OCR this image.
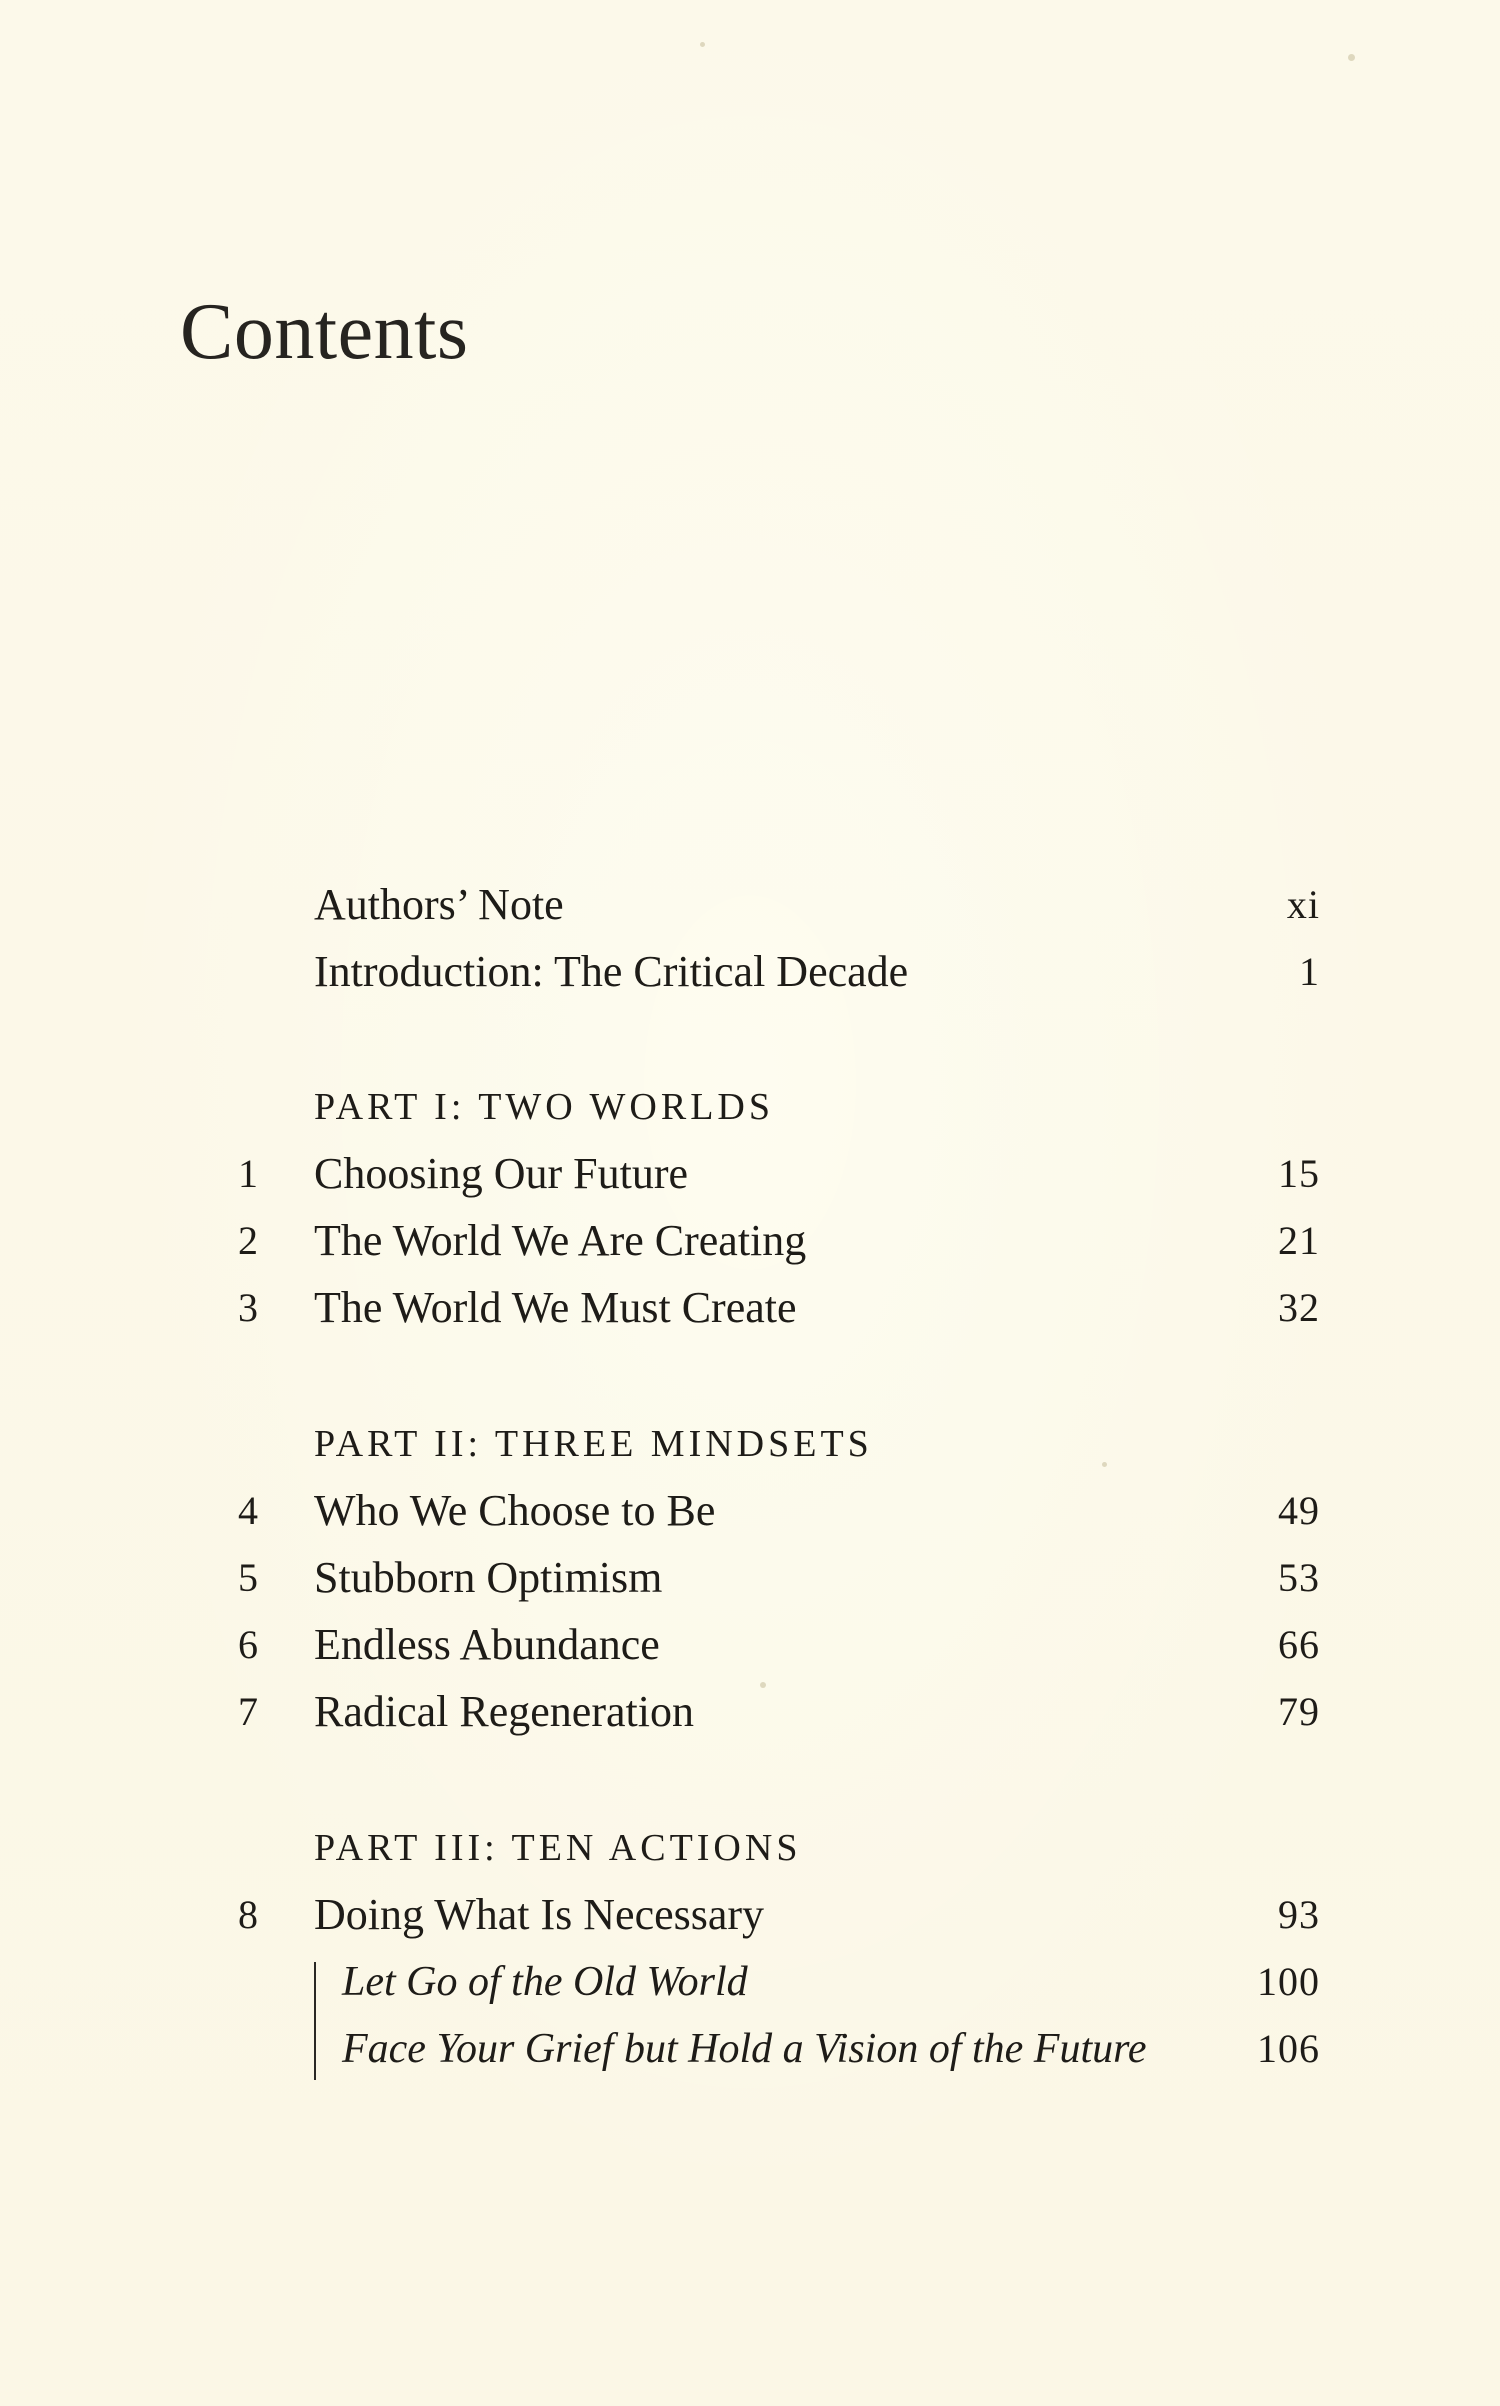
Contents
Authors’ Note	xi
Introduction: The Critical Decade	1
PART I: TWO WORLDS
1	Choosing Our Future	15
2	The World We Are Creating	21
3	The World We Must Create	32
PART II: THREE MINDSETS
4	Who We Choose to Be	49
5	Stubborn Optimism	53
6	Endless Abundance	66
7	Radical Regeneration	79
PART III: TEN ACTIONS
8	Doing What Is Necessary	93
Let Go of the Old World	100
Face Your Grief but Hold a Vision of the Future	106
